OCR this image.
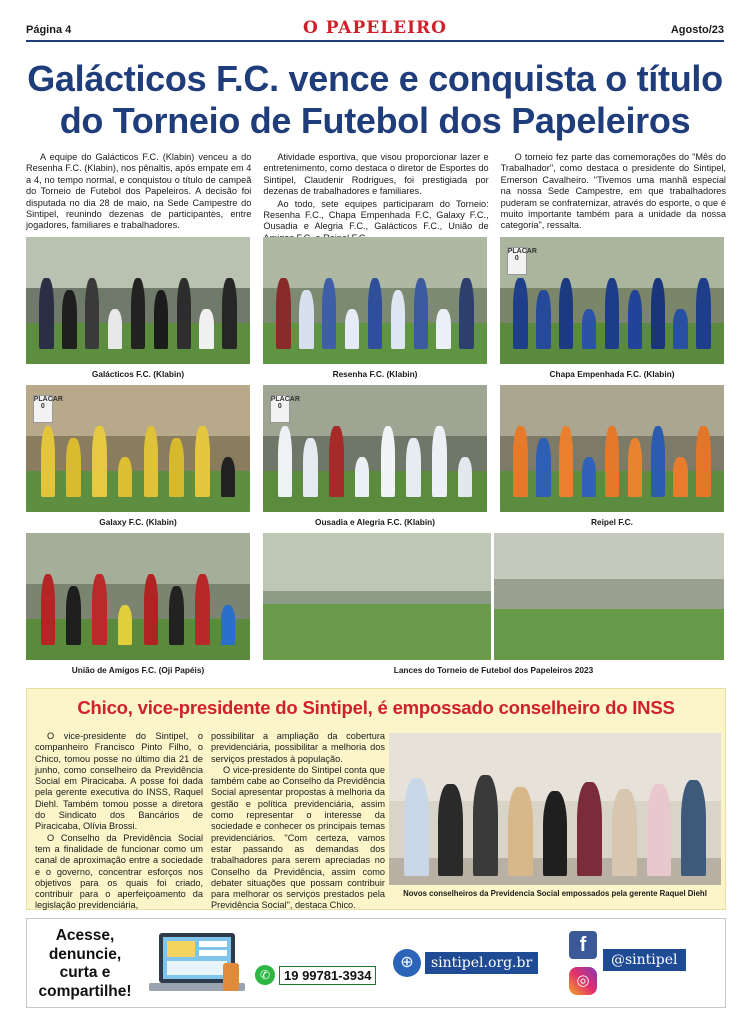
Página 4	O PAPELEIRO	Agosto/23
Galácticos F.C. vence e conquista o título do Torneio de Futebol dos Papeleiros

A equipe do Galácticos F.C. (Klabin) venceu a do Resenha F.C. (Klabin), nos pênaltis, após empate em 4 a 4, no tempo normal, e conquistou o título de campeã do Torneio de Futebol dos Papeleiros. A decisão foi disputada no dia 28 de maio, na Sede Campestre do Sintipel, reunindo dezenas de participantes, entre jogadores, familiares e trabalhadores.

Atividade esportiva, que visou proporcionar lazer e entretenimento, como destaca o diretor de Esportes do Sintipel, Claudenir Rodrigues, foi prestigiada por dezenas de trabalhadores e familiares.

Ao todo, sete equipes participaram do Torneio: Resenha F.C., Chapa Empenhada F.C, Galaxy F.C., Ousadia e Alegria F.C., Galácticos F.C., União de

O torneio fez parte das comemorações do "Mês do Trabalhador", como destaca o presidente do Sintipel, Emerson Cavalheiro. "Tivemos uma manhã especial na nossa Sede Campestre, em que trabalhadores puderam se confraternizar, através do esporte, o que é muito importante também para a unidade da nossa categoria", ressalta.

PLACAR
0
Galácticos F.C. (Klabin)	Resenha F.C. (Klabin)	Chapa Empenhada F.C. (Klabin)
PLACAR
0
PLACAR
0
Galaxy F.C. (Klabin)	Ousadia e Alegria F.C. (Klabin)	Reipel F.C.
União de Amigos F.C. (Oji Papéis)	Lances do Torneio de Futebol dos Papeleiros 2023
Chico, vice-presidente do Sintipel, é empossado conselheiro do INSS

O vice-presidente do Sintipel, o companheiro Francisco Pinto Filho, o Chico, tomou posse no último dia 21 de junho, como conselheiro da Previdência Social em Piracicaba. A posse foi dada pela gerente executiva do INSS, Raquel Diehl. Também tomou posse a diretora do Sindicato dos Bancários de Piracicaba, Olívia Brossi.

O Conselho da Previdência Social tem a finalidade de funcionar como um canal de aproximação entre a sociedade e o governo, concentrar esforços nos objetivos para os quais foi criado, contribuir para o aperfeiçoamento da legislação previdenciária,

possibilitar a ampliação da cobertura previdenciária, possibilitar a melhoria dos serviços prestados à população.

O vice-presidente do Sintipel conta que também cabe ao Conselho da Previdência Social apresentar propostas à melhoria da gestão e política previdenciária, assim como representar o interesse da sociedade e conhecer os principais temas previdenciários. "Com certeza, vamos estar passando as demandas dos trabalhadores para serem apreciadas no Conselho da Previdência, assim como debater situações que possam contribuir para melhorar os serviços prestados pela Previdência Social", destaca Chico.

Novos conselheiros da Previdencia Social empossados pela gerente Raquel Diehl
Acesse, denuncie, curta e compartilhe!
✆	19 99781-3934
⊕	sintipel.org.br
f
◎
@sintipel
